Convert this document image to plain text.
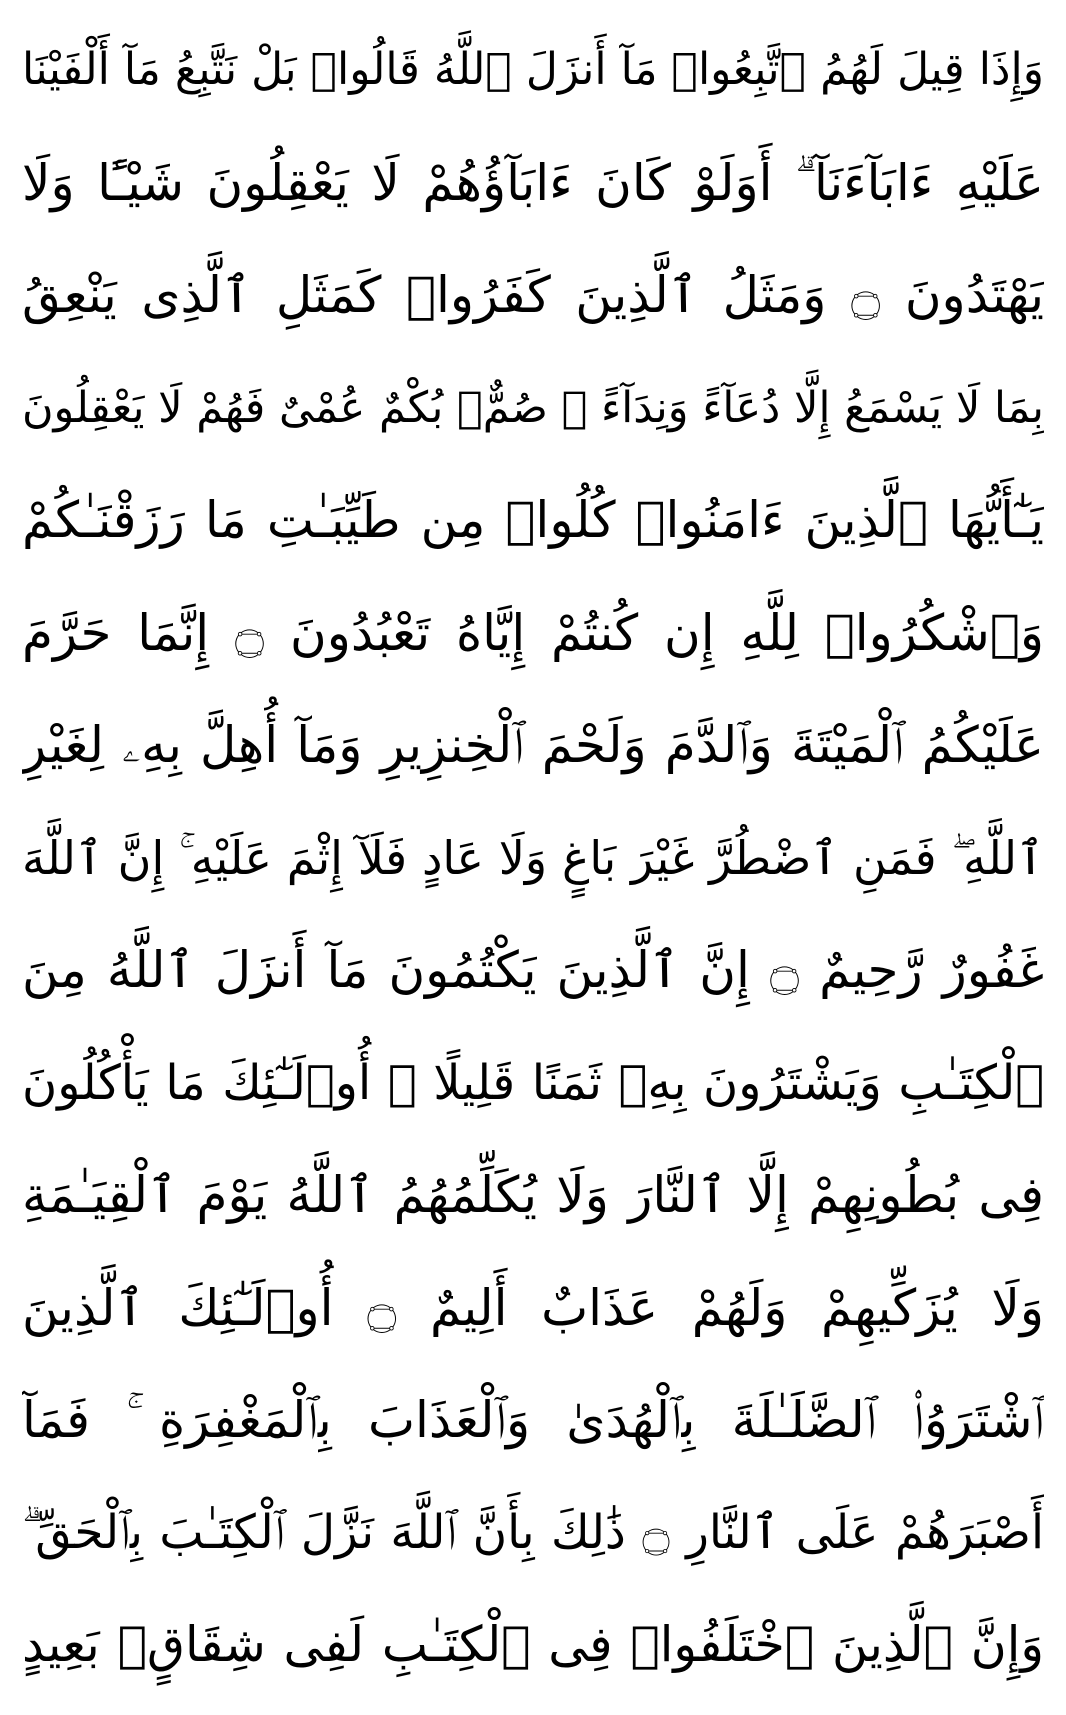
وَإِذَا قِيلَ لَهُمُ ٱتَّبِعُوا۟ مَآ أَنزَلَ ٱللَّهُ قَالُوا۟ بَلْ نَتَّبِعُ مَآ أَلْفَيْنَا
عَلَيْهِ ءَابَآءَنَآ ۗ أَوَلَوْ كَانَ ءَابَآؤُهُمْ لَا يَعْقِلُونَ شَيْـًٔا وَلَا
يَهْتَدُونَ ۝ وَمَثَلُ ٱلَّذِينَ كَفَرُوا۟ كَمَثَلِ ٱلَّذِى يَنْعِقُ
بِمَا لَا يَسْمَعُ إِلَّا دُعَآءً وَنِدَآءً ۚ صُمٌّۢ بُكْمٌ عُمْىٌ فَهُمْ لَا يَعْقِلُونَ
يَـٰٓأَيُّهَا ٱلَّذِينَ ءَامَنُوا۟ كُلُوا۟ مِن طَيِّبَـٰتِ مَا رَزَقْنَـٰكُمْ
وَٱشْكُرُوا۟ لِلَّهِ إِن كُنتُمْ إِيَّاهُ تَعْبُدُونَ ۝ إِنَّمَا حَرَّمَ
عَلَيْكُمُ ٱلْمَيْتَةَ وَٱلدَّمَ وَلَحْمَ ٱلْخِنزِيرِ وَمَآ أُهِلَّ بِهِۦ لِغَيْرِ
ٱللَّهِ ۖ فَمَنِ ٱضْطُرَّ غَيْرَ بَاغٍ وَلَا عَادٍ فَلَآ إِثْمَ عَلَيْهِ ۚ إِنَّ ٱللَّهَ
غَفُورٌ رَّحِيمٌ ۝ إِنَّ ٱلَّذِينَ يَكْتُمُونَ مَآ أَنزَلَ ٱللَّهُ مِنَ
ٱلْكِتَـٰبِ وَيَشْتَرُونَ بِهِۦ ثَمَنًا قَلِيلًا ۙ أُو۟لَـٰٓئِكَ مَا يَأْكُلُونَ
فِى بُطُونِهِمْ إِلَّا ٱلنَّارَ وَلَا يُكَلِّمُهُمُ ٱللَّهُ يَوْمَ ٱلْقِيَـٰمَةِ
وَلَا يُزَكِّيهِمْ وَلَهُمْ عَذَابٌ أَلِيمٌ ۝ أُو۟لَـٰٓئِكَ ٱلَّذِينَ
ٱشْتَرَوُا۟ ٱلضَّلَـٰلَةَ بِٱلْهُدَىٰ وَٱلْعَذَابَ بِٱلْمَغْفِرَةِ ۚ فَمَآ
أَصْبَرَهُمْ عَلَى ٱلنَّارِ ۝ ذَٰلِكَ بِأَنَّ ٱللَّهَ نَزَّلَ ٱلْكِتَـٰبَ بِٱلْحَقِّ ۗ
وَإِنَّ ٱلَّذِينَ ٱخْتَلَفُوا۟ فِى ٱلْكِتَـٰبِ لَفِى شِقَاقٍۭ بَعِيدٍ
